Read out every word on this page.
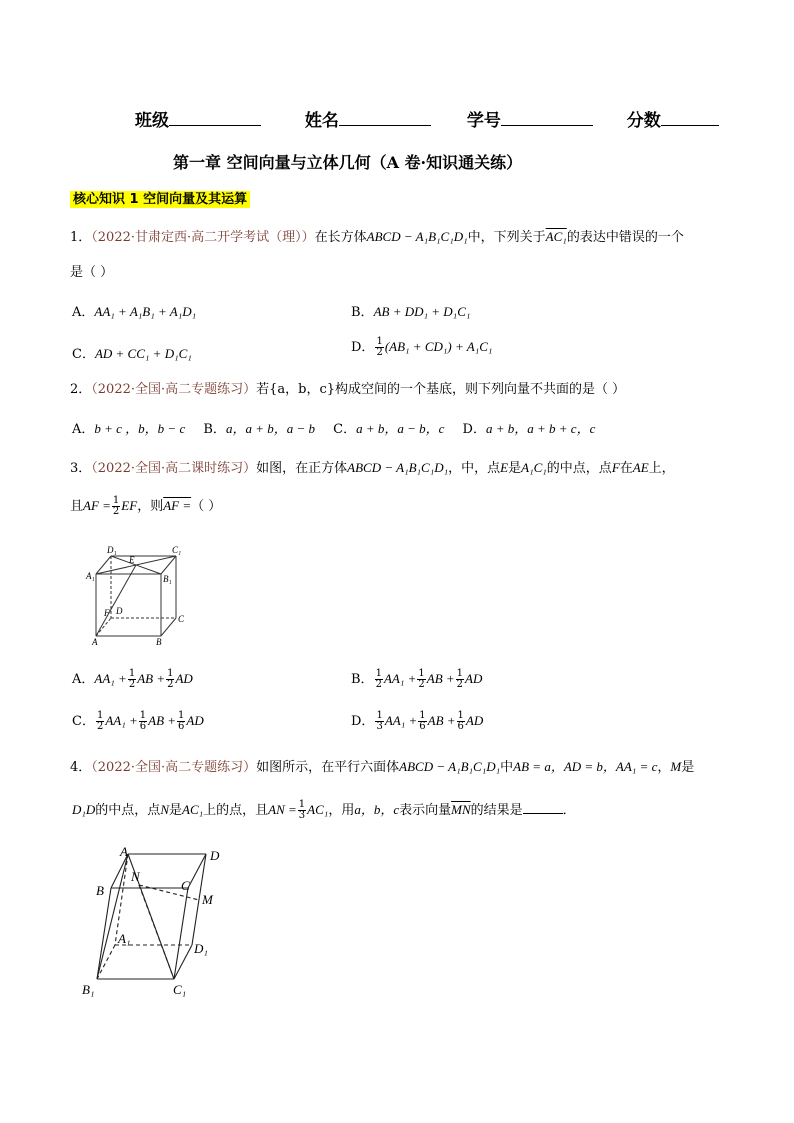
班级	姓名	学号	分数
第一章 空间向量与立体几何（A 卷·知识通关练）
核心知识 1 空间向量及其运算
1．（2022·甘肃定西·高二开学考试（理））在长方体ABCD − A₁B₁C₁D₁中，下列关于AC₁的表达中错误的一个
是（ ）
A．AA₁ + A₁B₁ + A₁D₁	B．AB + DD₁ + D₁C₁
C．AD + CC₁ + D₁C₁	D． $\frac{1}{2} (AB_1 + CD_1) + A_1C_1$
2．（2022·全国·高二专题练习）若{a，b，c}构成空间的一个基底，则下列向量不共面的是（ ）
A．b + c ，b，b − c B．a，a + b，a − b C．a + b，a − b，c D．a + b，a + b + c，c
3．（2022·全国·高二课时练习）如图，在正方体ABCD − A₁B₁C₁D₁，中，点E是A₁C₁的中点，点F在AE上，
且AF = $\frac{1}{2}$ EF，则AF =（ ）
D₁	C₁
A₁
E
B₁
F D
C
A	B
A．$AA_1 + \frac{1}{2}$ AB + $\frac{1}{2}$ AD	B． $\frac{1}{2} AA_1 + \frac{1}{2}$ AB + $\frac{1}{2}$ AD
C． $\frac{1}{2} AA_1 + \frac{1}{6}$ AB + $\frac{1}{6}$ AD	D． $\frac{1}{3} AA_1 + \frac{1}{6}$ AB + $\frac{1}{6}$ AD
4．（2022·全国·高二专题练习）如图所示，在平行六面体ABCD − A₁B₁C₁D₁中AB = a，AD = b，AA₁ = c，M是
D₁D的中点，点N是AC₁上的点，且AN = $\frac{1}{3} AC_1$，用a，b，c表示向量$\overline{MN}$的结果是	．
A	D
B	C
N
M
A₁
D₁
B₁	C₁
